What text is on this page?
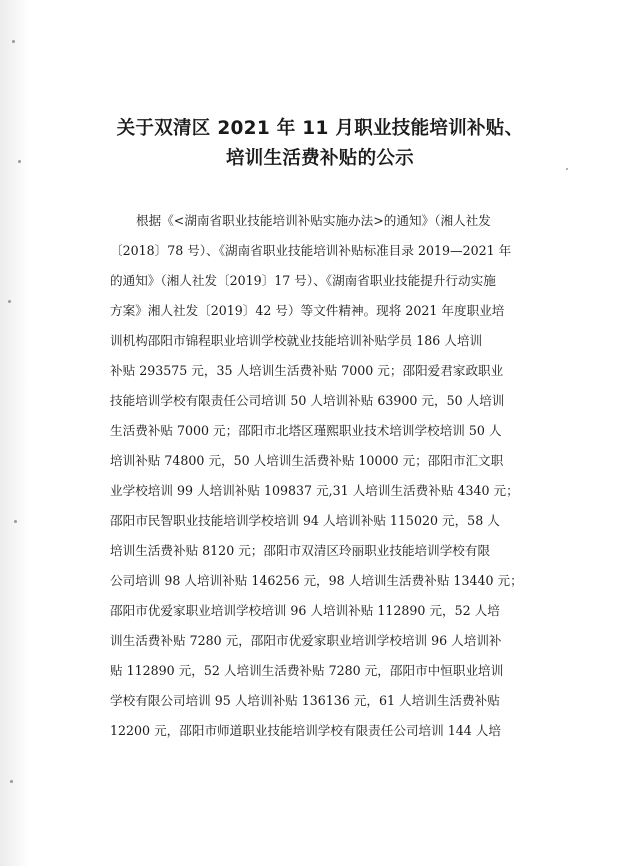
关于双清区 2021 年 11 月职业技能培训补贴、
培训生活费补贴的公示

根据《<湖南省职业技能培训补贴实施办法>的通知》（湘人社发

〔2018〕78 号）、《湖南省职业技能培训补贴标准目录 2019—2021 年

的通知》（湘人社发〔2019〕17 号）、《湖南省职业技能提升行动实施

方案》湘人社发〔2019〕42 号）等文件精神。现将 2021 年度职业培

训机构邵阳市锦程职业培训学校就业技能培训补贴学员 186 人培训

补贴 293575 元，35 人培训生活费补贴 7000 元；邵阳爱君家政职业

技能培训学校有限责任公司培训 50 人培训补贴 63900 元，50 人培训

生活费补贴 7000 元；邵阳市北塔区瑾熙职业技术培训学校培训 50 人

培训补贴 74800 元，50 人培训生活费补贴 10000 元；邵阳市汇文职

业学校培训 99 人培训补贴 109837 元,31 人培训生活费补贴 4340 元；

邵阳市民智职业技能培训学校培训 94 人培训补贴 115020 元，58 人

培训生活费补贴 8120 元；邵阳市双清区玲丽职业技能培训学校有限

公司培训 98 人培训补贴 146256 元，98 人培训生活费补贴 13440 元；

邵阳市优爱家职业培训学校培训 96 人培训补贴 112890 元，52 人培

训生活费补贴 7280 元，邵阳市优爱家职业培训学校培训 96 人培训补

贴 112890 元，52 人培训生活费补贴 7280 元，邵阳市中恒职业培训

学校有限公司培训 95 人培训补贴 136136 元，61 人培训生活费补贴

12200 元，邵阳市师道职业技能培训学校有限责任公司培训 144 人培
